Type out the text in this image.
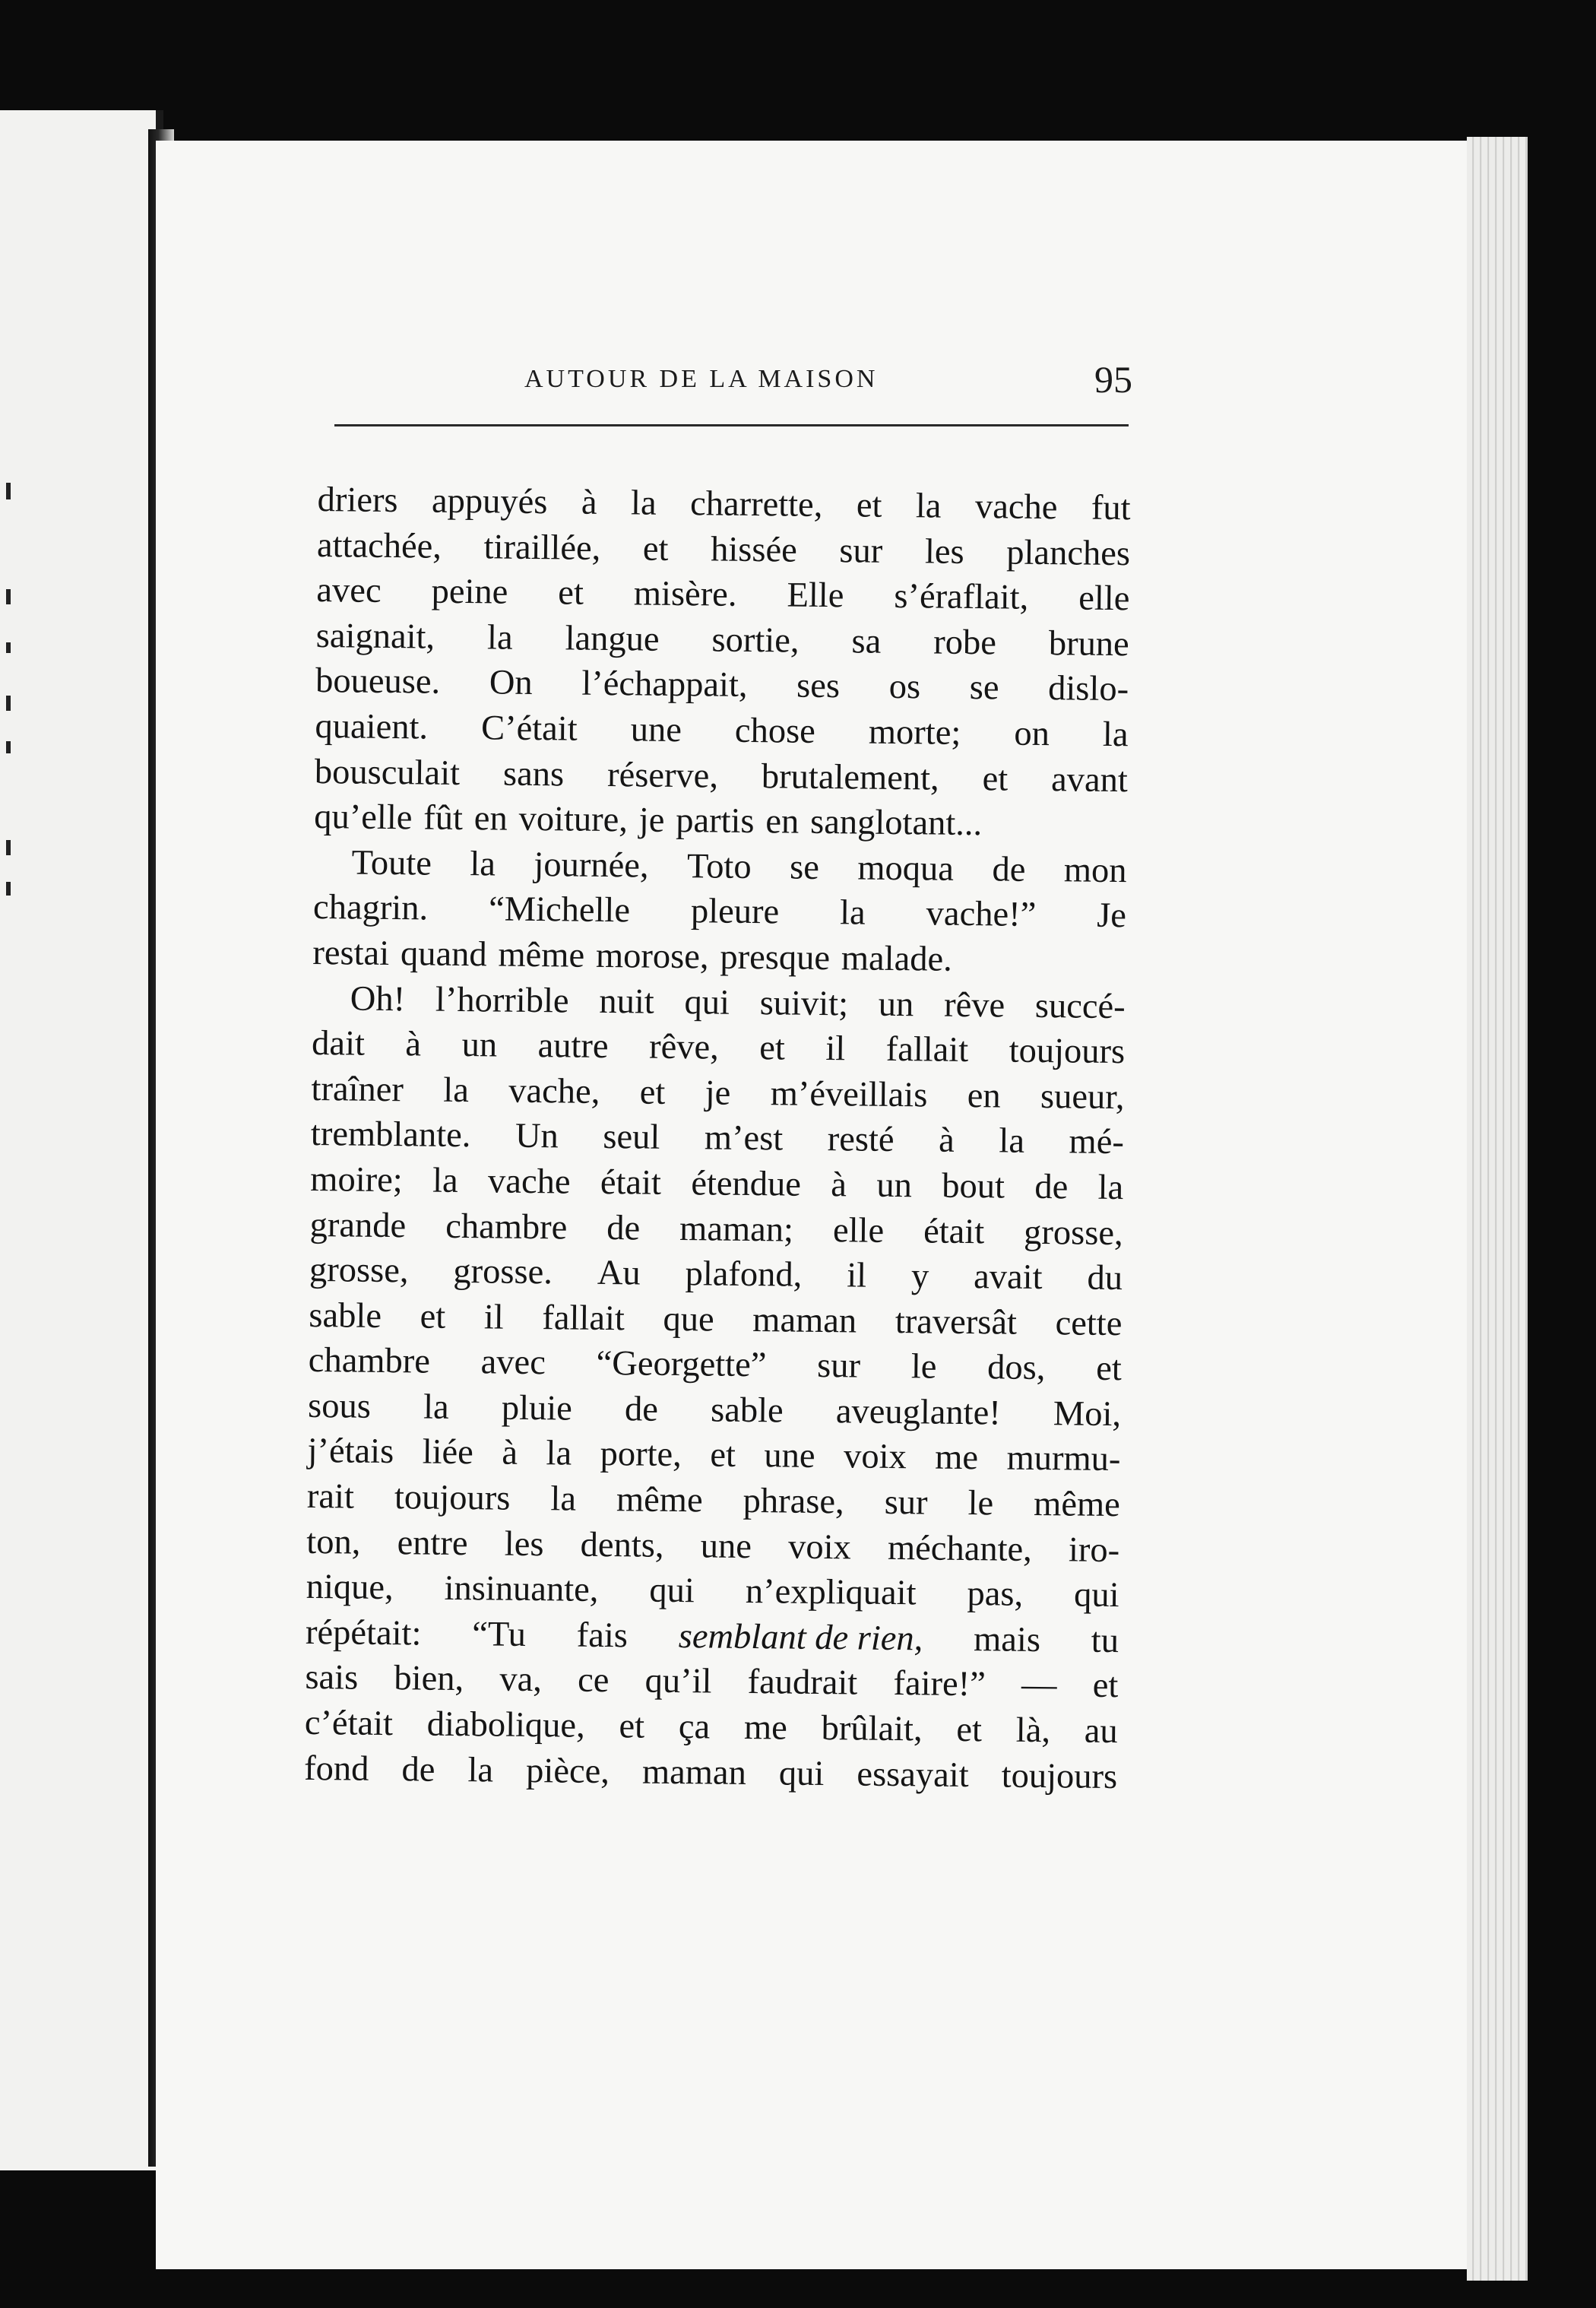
AUTOUR DE LA MAISON	95
driers appuyés à la charrette, et la vache fut
attachée, tiraillée, et hissée sur les planches
avec peine et misère. Elle s’éraflait, elle
saignait, la langue sortie, sa robe brune
boueuse. On l’échappait, ses os se dislo-
quaient. C’était une chose morte; on la
bousculait sans réserve, brutalement, et avant
qu’elle fût en voiture, je partis en sanglotant...
Toute la journée, Toto se moqua de mon
chagrin. “Michelle pleure la vache!” Je
restai quand même morose, presque malade.
Oh! l’horrible nuit qui suivit; un rêve succé-
dait à un autre rêve, et il fallait toujours
traîner la vache, et je m’éveillais en sueur,
tremblante. Un seul m’est resté à la mé-
moire; la vache était étendue à un bout de la
grande chambre de maman; elle était grosse,
grosse, grosse. Au plafond, il y avait du
sable et il fallait que maman traversât cette
chambre avec “Georgette” sur le dos, et
sous la pluie de sable aveuglante! Moi,
j’étais liée à la porte, et une voix me murmu-
rait toujours la même phrase, sur le même
ton, entre les dents, une voix méchante, iro-
nique, insinuante, qui n’expliquait pas, qui
répétait: “Tu fais semblant de rien, mais tu
sais bien, va, ce qu’il faudrait faire!” — et
c’était diabolique, et ça me brûlait, et là, au
fond de la pièce, maman qui essayait toujours
